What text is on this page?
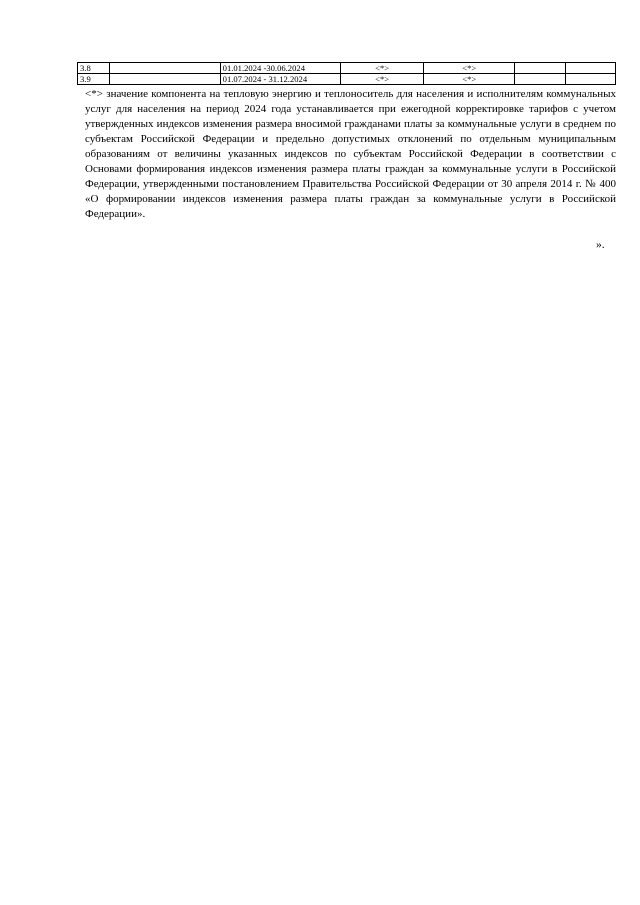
3.8		01.01.2024 -30.06.2024	<*>	<*>		
3.9		01.07.2024 - 31.12.2024	<*>	<*>		

<*> значение компонента на тепловую энергию и теплоноситель для населения и исполнителям коммунальных услуг для населения на период 2024 года устанавливается при ежегодной корректировке тарифов с учетом утвержденных индексов изменения размера вносимой гражданами платы за коммунальные услуги в среднем по субъектам Российской Федерации и предельно допустимых отклонений по отдельным муниципальным образованиям от величины указанных индексов по субъектам Российской Федерации в соответствии с Основами формирования индексов изменения размера платы граждан за коммунальные услуги в Российской Федерации, утвержденными постановлением Правительства Российской Федерации от 30 апреля 2014 г. № 400 «О формировании индексов изменения размера платы граждан за коммунальные услуги в Российской Федерации».

».
